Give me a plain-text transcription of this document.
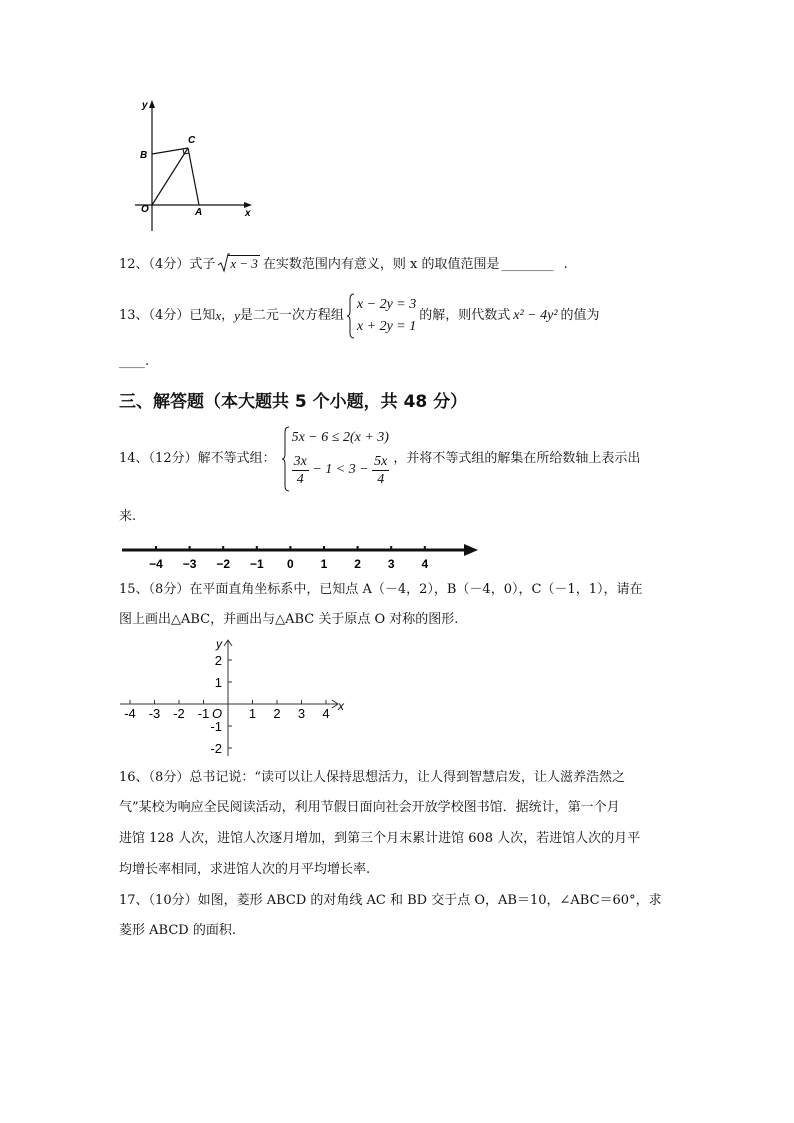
y
B
C
O	A	x
12、（4分）式子 x − 3 在实数范围内有意义，则 x 的取值范围是 ________ .
13、（4分）已知 x ， y 是二元一次方程组
x − 2y = 3
x + 2y = 1
的解，则代数式 x² − 4y² 的值为
____.
三、解答题（本大题共 5 个小题，共 48 分）
14、（12分）解不等式组：
5x − 6 ≤ 2(x + 3)
$\frac{3x}{4} - 1 < 3 - \frac{5x}{4}$ ，并将不等式组的解集在所给数轴上表示出
来.
−4 −3 −2 −1 0 1 2 3 4
15、（8分）在平面直角坐标系中，已知点 A（－4，2），B（－4，0），C（－1，1），请在
图上画出△ABC，并画出与△ABC 关于原点 O 对称的图形.
-4 -3 -2 -1	1 2 3 4
2
1
-1
-2
O	x
y
16、（8分）总书记说：“读可以让人保持思想活力，让人得到智慧启发，让人滋养浩然之
气”某校为响应全民阅读活动，利用节假日面向社会开放学校图书馆．据统计，第一个月
进馆 128 人次，进馆人次逐月增加，到第三个月末累计进馆 608 人次，若进馆人次的月平
均增长率相同，求进馆人次的月平均增长率.
17、（10分）如图，菱形 ABCD 的对角线 AC 和 BD 交于点 O，AB＝10，∠ABC＝60°，求
菱形 ABCD 的面积.
